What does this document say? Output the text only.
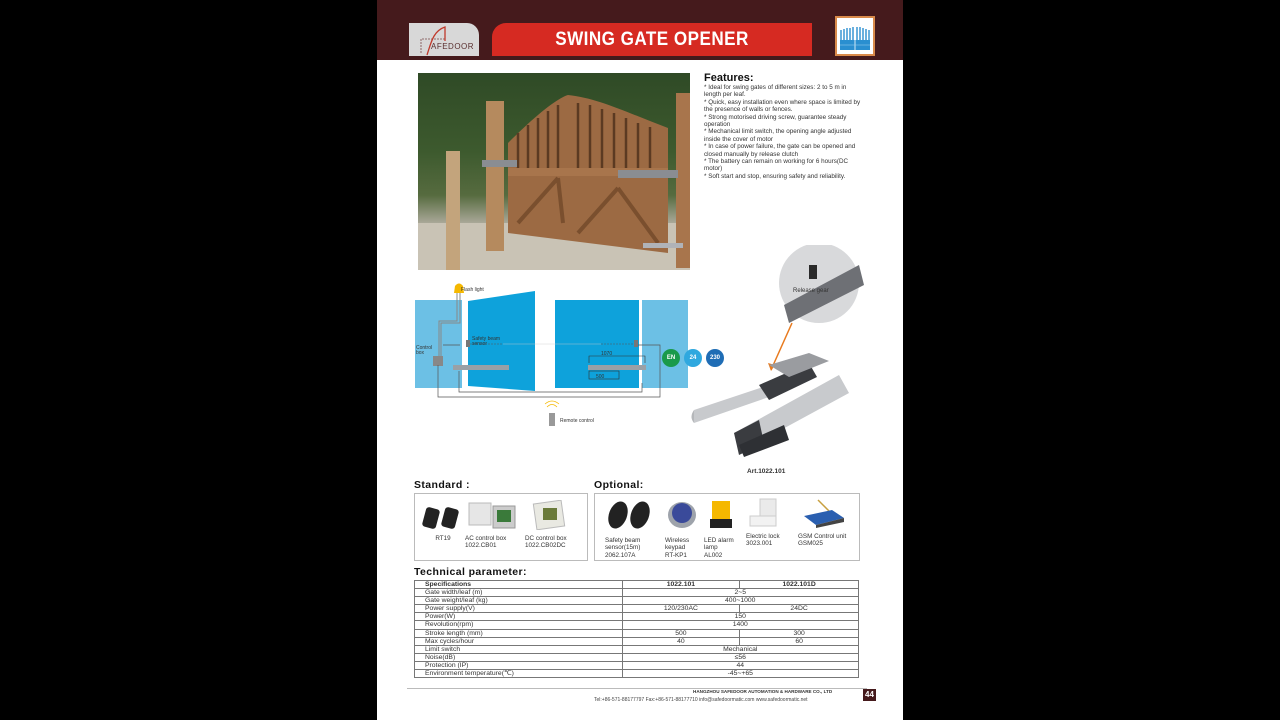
AFEDOOR	SWING GATE OPENER
Features:

* Ideal for swing gates of different sizes: 2 to 5 m in length per leaf.

* Quick, easy installation even where space is limited by the presence of walls or fences.

* Strong motorised driving screw, guarantee steady operation

* Mechanical limit switch, the opening angle adjusted inside the cover of motor

* In case of power failure, the gate can be opened and closed manually by release clutch

* The battery can remain on working for 6 hours(DC motor)

* Soft start and stop, ensuring safety and reliability.

Flash light
Control box
Safety beam sensor
1070
500
Remote control
Release gear
EN	24	230
Art.1022.101
Standard :
RT19	AC control box
1022.CB01
DC control box
1022.CB02DC
Optional:
Safety beam
sensor(15m)
2062.107A
Wireless
keypad
RT-KP1
LED alarm
lamp
AL002
Electric lock
3023.001
GSM Control unit
GSM025
Technical parameter:
Specifications	1022.101	1022.101D
Gate width/leaf (m)	2~5	
Gate weight/leaf (kg)	400~1000	
Power supply(V)	120/230AC	24DC
Power(W)	150	
Revolution(rpm)	1400	
Stroke length (mm)	500	300
Max cycles/hour	40	60
Limit switch	Mechanical	
Noise(dB)	≤56	
Protection (IP)	44	
Environment temperature(℃)	-45~+65	
HANGZHOU SAFEDOOR AUTOMATION & HARDWARE CO., LTD
Tel:+86-571-88177797 Fax:+86-571-88177710 info@safedoormatic.com www.safedoormatic.net
44
